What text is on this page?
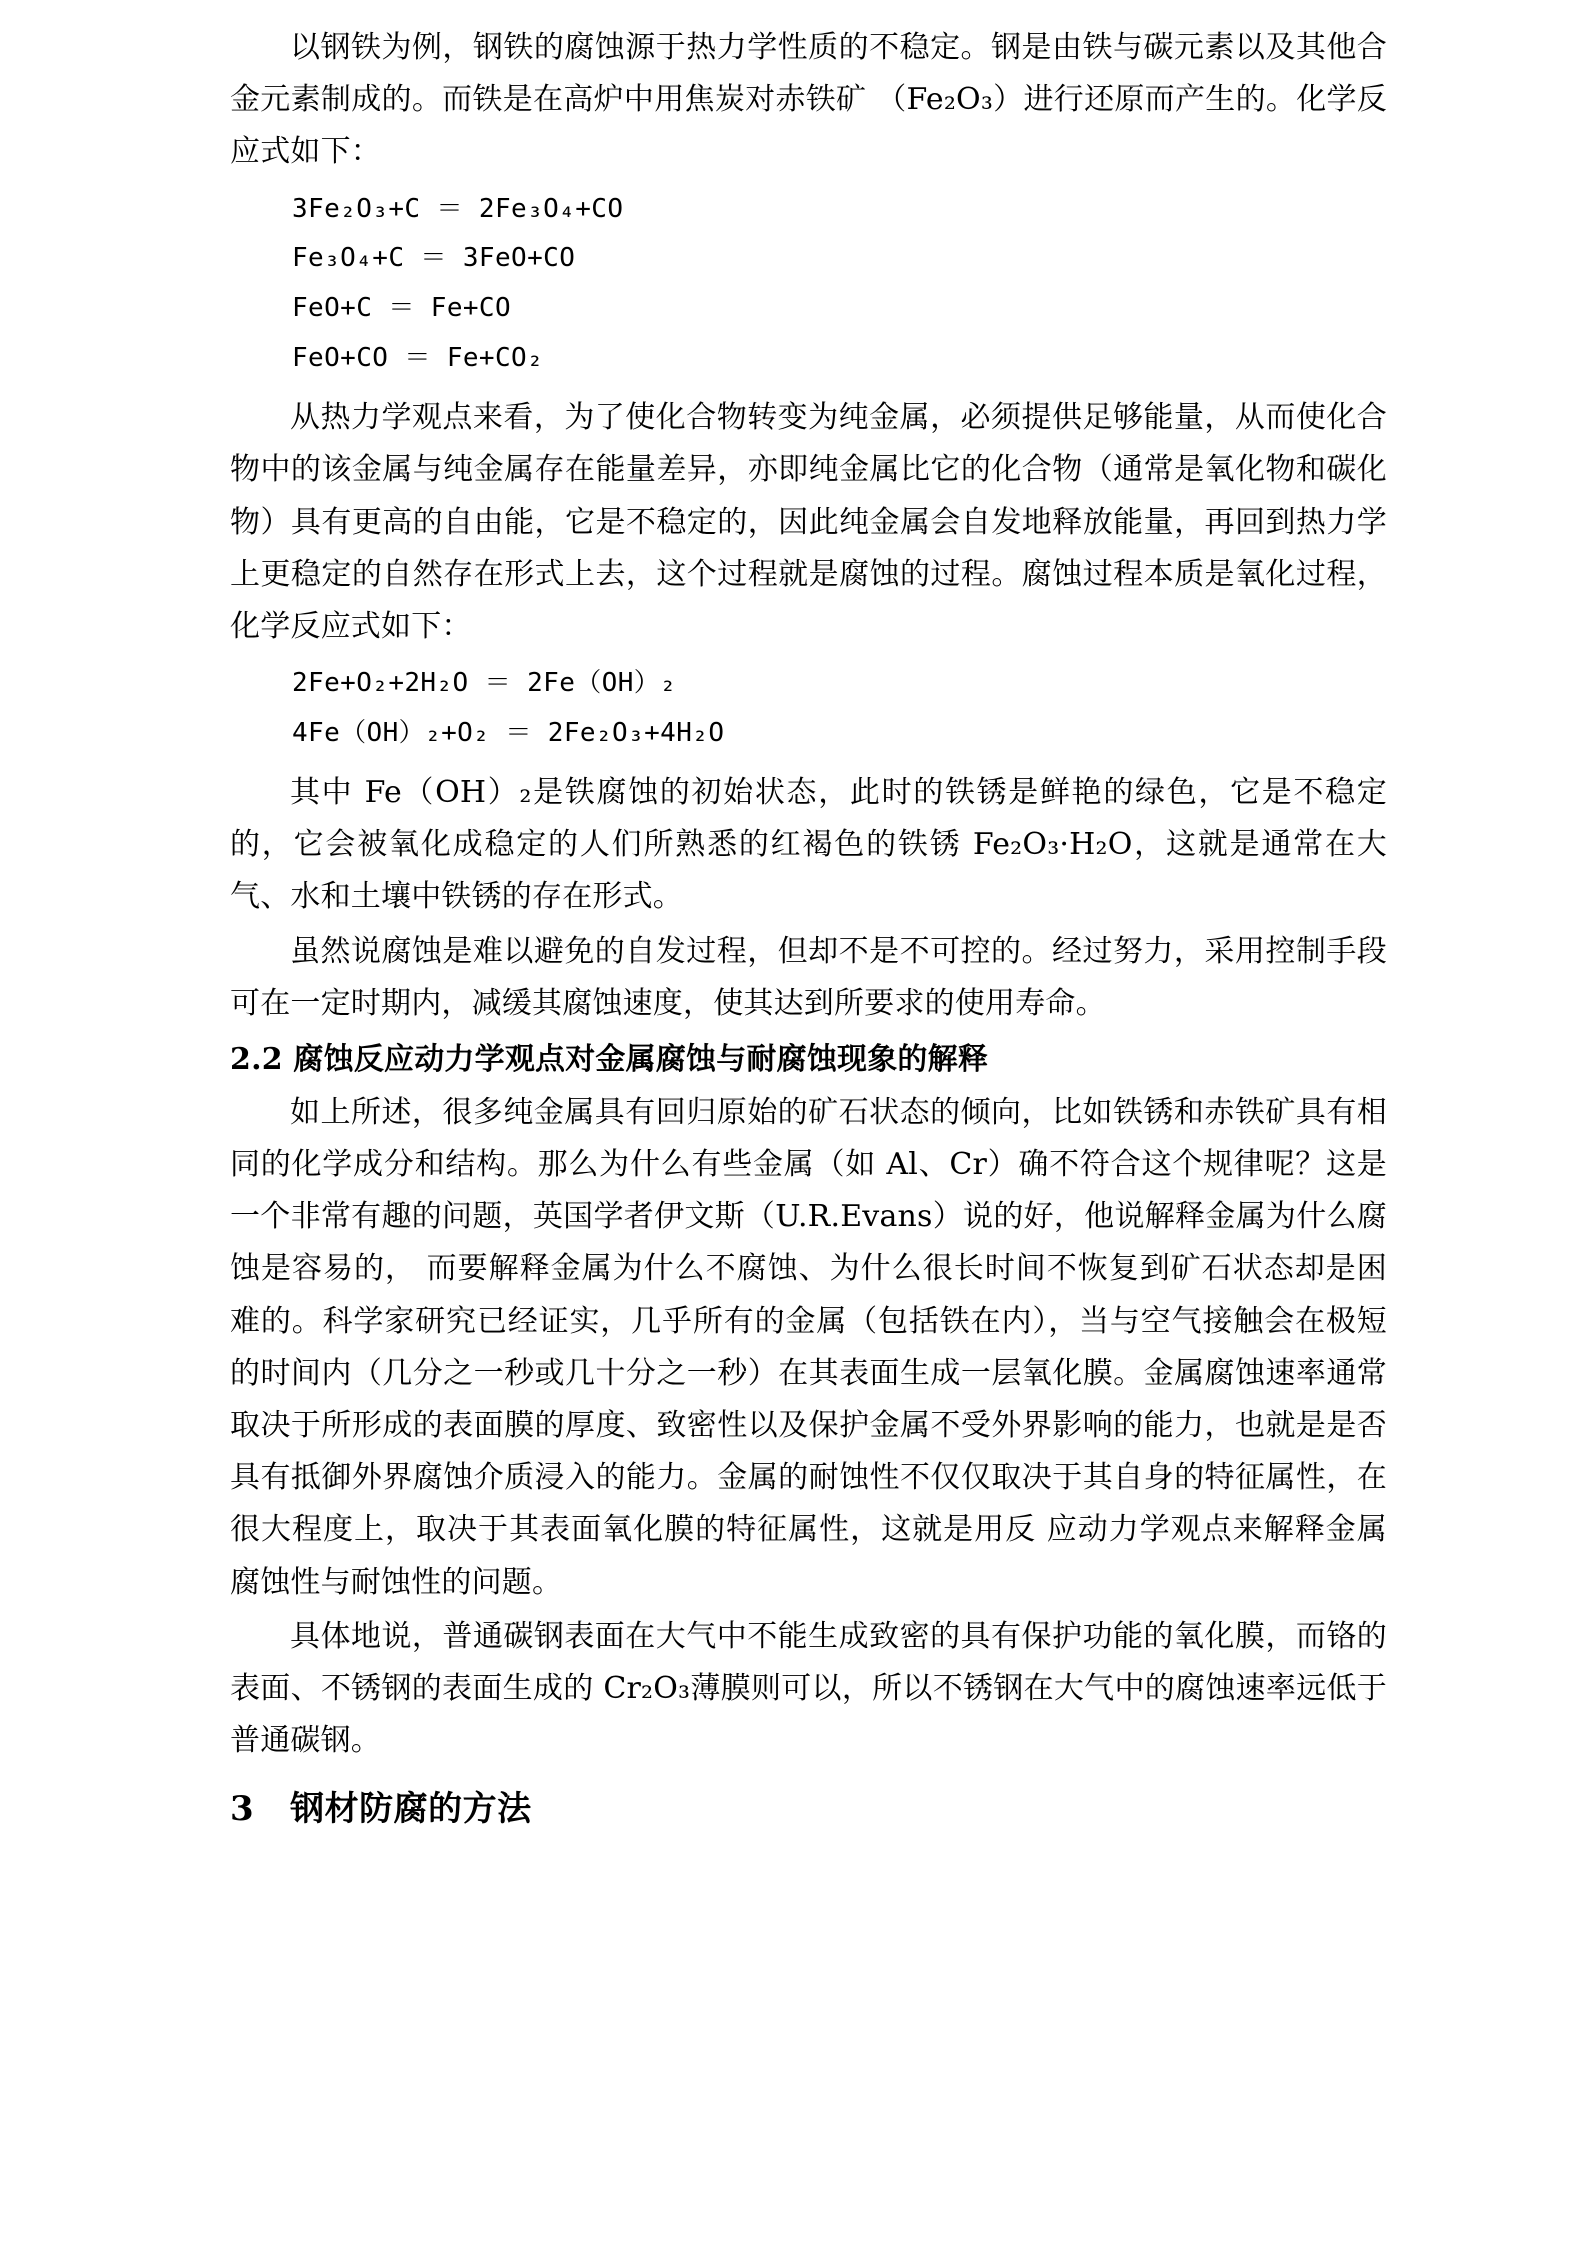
以钢铁为例，钢铁的腐蚀源于热力学性质的不稳定。钢是由铁与碳元素以及其他合金元素制成的。而铁是在高炉中用焦炭对赤铁矿 （Fe₂O₃）进行还原而产生的。化学反应式如下：

3Fe₂O₃+C ＝ 2Fe₃O₄+CO

Fe₃O₄+C ＝ 3FeO+CO

FeO+C ＝ Fe+CO

FeO+CO ＝ Fe+CO₂

从热力学观点来看，为了使化合物转变为纯金属，必须提供足够能量，从而使化合物中的该金属与纯金属存在能量差异，亦即纯金属比它的化合物（通常是氧化物和碳化物）具有更高的自由能，它是不稳定的，因此纯金属会自发地释放能量，再回到热力学上更稳定的自然存在形式上去，这个过程就是腐蚀的过程。腐蚀过程本质是氧化过程，化学反应式如下：

2Fe+O₂+2H₂O ＝ 2Fe（OH）₂

4Fe（OH）₂+O₂ ＝ 2Fe₂O₃+4H₂O

其中 Fe（OH）₂是铁腐蚀的初始状态，此时的铁锈是鲜艳的绿色，它是不稳定的，它会被氧化成稳定的人们所熟悉的红褐色的铁锈 Fe₂O₃·H₂O，这就是通常在大气、水和土壤中铁锈的存在形式。

虽然说腐蚀是难以避免的自发过程，但却不是不可控的。经过努力，采用控制手段可在一定时期内，减缓其腐蚀速度，使其达到所要求的使用寿命。

2.2 腐蚀反应动力学观点对金属腐蚀与耐腐蚀现象的解释

如上所述，很多纯金属具有回归原始的矿石状态的倾向，比如铁锈和赤铁矿具有相同的化学成分和结构。那么为什么有些金属（如 Al、Cr）确不符合这个规律呢？这是一个非常有趣的问题，英国学者伊文斯（U.R.Evans）说的好，他说解释金属为什么腐蚀是容易的， 而要解释金属为什么不腐蚀、为什么很长时间不恢复到矿石状态却是困难的。科学家研究已经证实，几乎所有的金属（包括铁在内），当与空气接触会在极短的时间内（几分之一秒或几十分之一秒）在其表面生成一层氧化膜。金属腐蚀速率通常取决于所形成的表面膜的厚度、致密性以及保护金属不受外界影响的能力，也就是是否具有抵御外界腐蚀介质浸入的能力。金属的耐蚀性不仅仅取决于其自身的特征属性，在很大程度上，取决于其表面氧化膜的特征属性，这就是用反 应动力学观点来解释金属腐蚀性与耐蚀性的问题。

具体地说，普通碳钢表面在大气中不能生成致密的具有保护功能的氧化膜，而铬的表面、不锈钢的表面生成的 Cr₂O₃薄膜则可以，所以不锈钢在大气中的腐蚀速率远低于普通碳钢。

3 钢材防腐的方法
